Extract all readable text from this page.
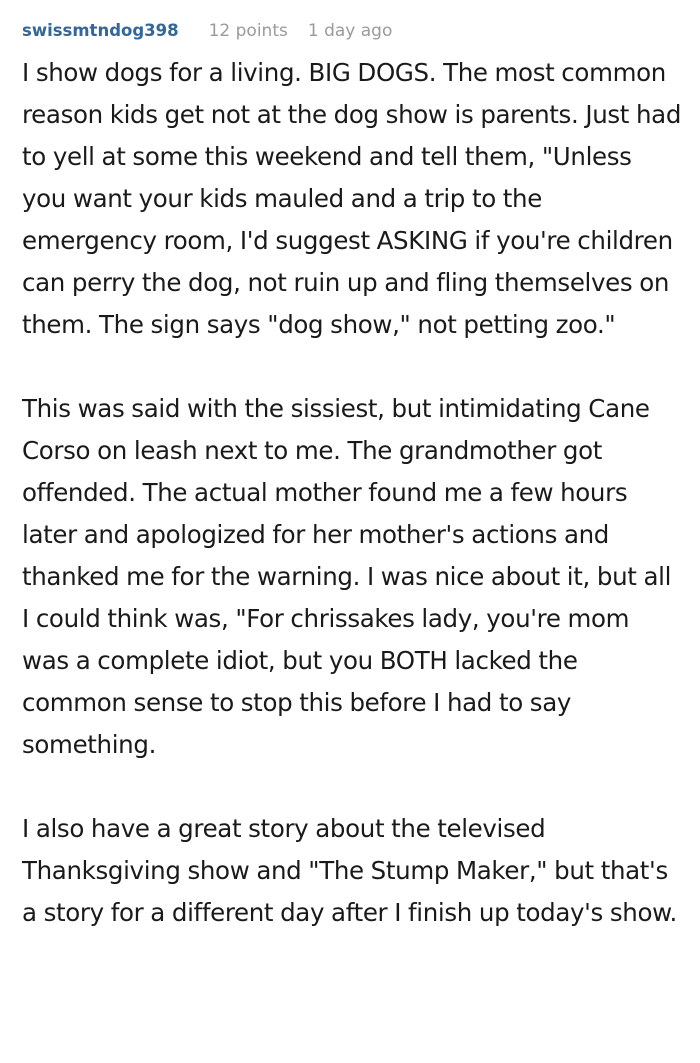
swissmtndog398 12 points 1 day ago

I show dogs for a living. BIG DOGS. The most common reason kids get not at the dog show is parents. Just had to yell at some this weekend and tell them, "Unless you want your kids mauled and a trip to the emergency room, I'd suggest ASKING if you're children can perry the dog, not ruin up and fling themselves on them. The sign says "dog show," not petting zoo."

This was said with the sissiest, but intimidating Cane Corso on leash next to me. The grandmother got offended. The actual mother found me a few hours later and apologized for her mother's actions and thanked me for the warning. I was nice about it, but all I could think was, "For chrissakes lady, you're mom was a complete idiot, but you BOTH lacked the common sense to stop this before I had to say something.

I also have a great story about the televised Thanksgiving show and "The Stump Maker," but that's a story for a different day after I finish up today's show.
